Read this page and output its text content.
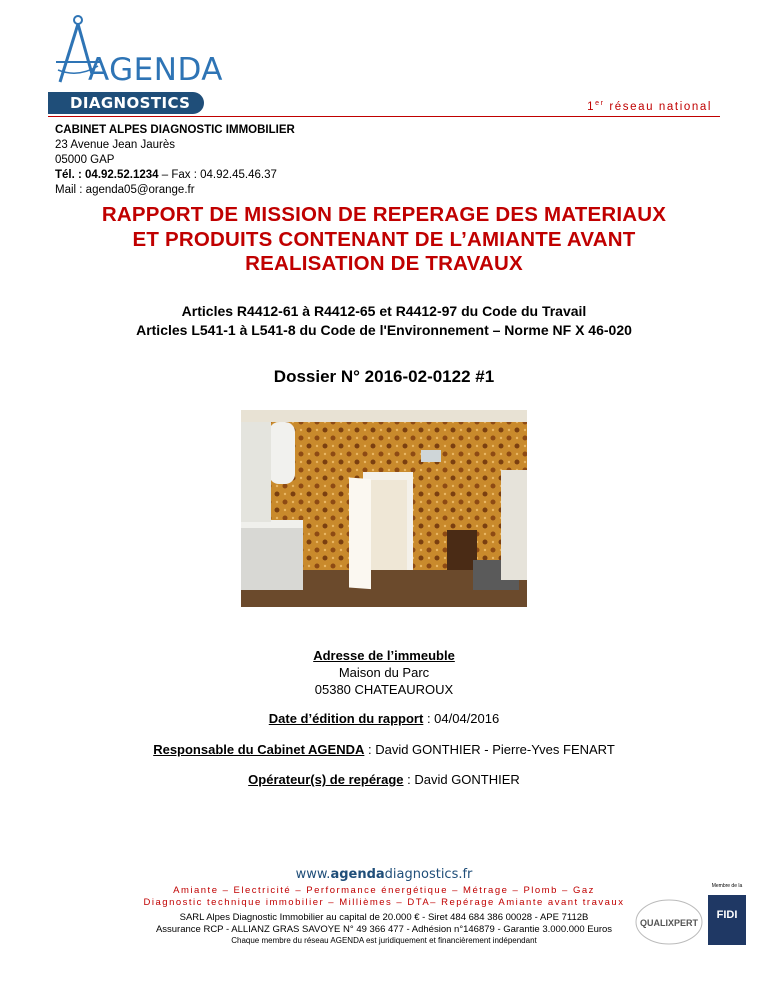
AGENDA
DIAGNOSTICS	1er réseau national
CABINET ALPES DIAGNOSTIC IMMOBILIER
23 Avenue Jean Jaurès
05000 GAP
Tél. : 04.92.52.1234 – Fax : 04.92.45.46.37
Mail : agenda05@orange.fr
RAPPORT DE MISSION DE REPERAGE DES MATERIAUX
ET PRODUITS CONTENANT DE L’AMIANTE AVANT
REALISATION DE TRAVAUX
Articles R4412-61 à R4412-65 et R4412-97 du Code du Travail
Articles L541-1 à L541-8 du Code de l'Environnement – Norme NF X 46-020
Dossier N° 2016-02-0122 #1
Adresse de l’immeuble
Maison du Parc
05380 CHATEAUROUX
Date d’édition du rapport : 04/04/2016
Responsable du Cabinet AGENDA : David GONTHIER - Pierre-Yves FENART
Opérateur(s) de repérage : David GONTHIER
www.agendadiagnostics.fr
Amiante – Electricité – Performance énergétique – Métrage – Plomb – Gaz
Diagnostic technique immobilier – Millièmes – DTA– Repérage Amiante avant travaux
SARL Alpes Diagnostic Immobilier au capital de 20.000 € - Siret 484 684 386 00028 - APE 7112B
Assurance RCP - ALLIANZ GRAS SAVOYE N° 49 366 477 - Adhésion n°146879 - Garantie 3.000.000 Euros
Chaque membre du réseau AGENDA est juridiquement et financièrement indépendant
QUALIXPERT
Membre de la
FIDI
